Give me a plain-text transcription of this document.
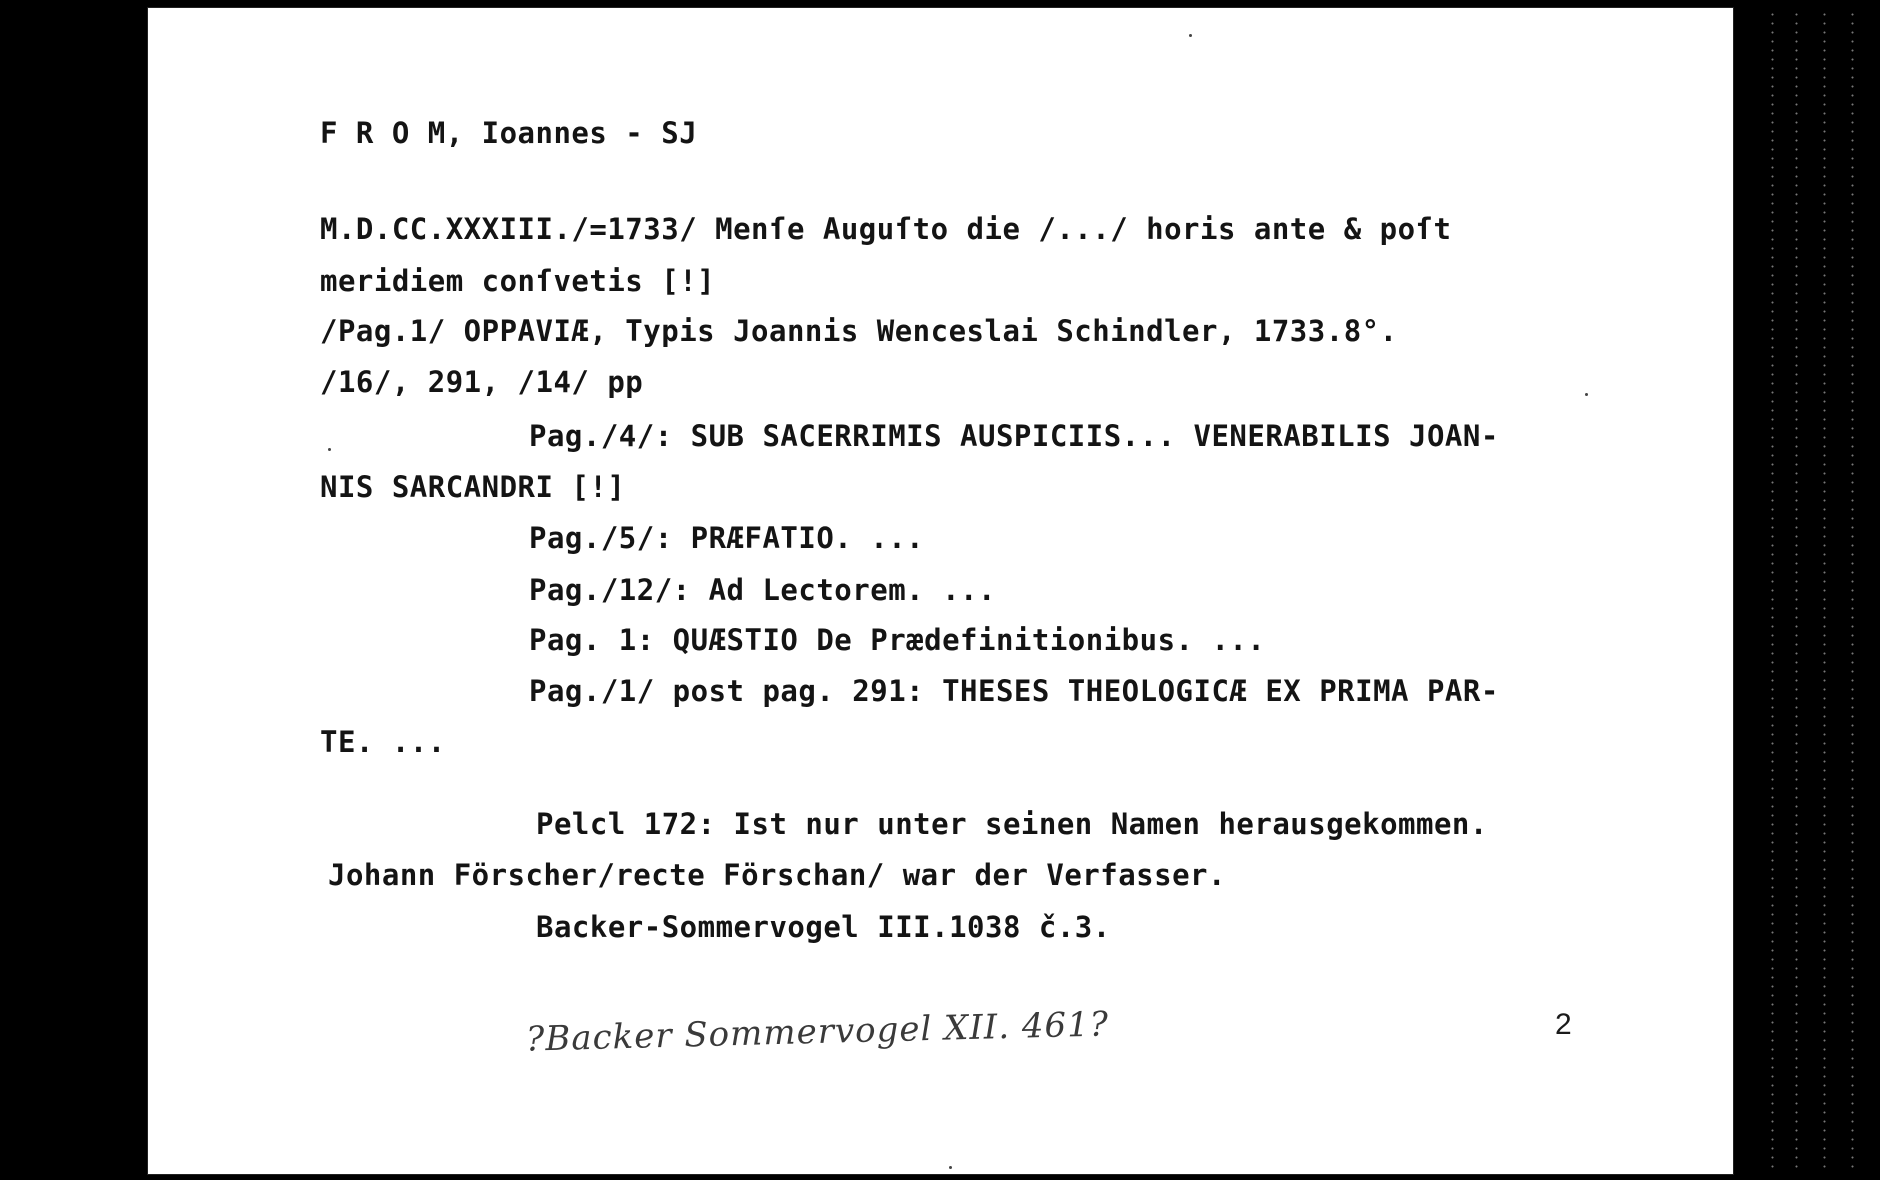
F R O M, Ioannes - SJ
M.D.CC.XXXIII./=1733/ Menſe Auguſto die /.../ horis ante & poſt
meridiem conſvetis [!]
/Pag.1/ OPPAVIÆ, Typis Joannis Wenceslai Schindler, 1733.8°.
/16/, 291, /14/ pp
Pag./4/: SUB SACERRIMIS AUSPICIIS... VENERABILIS JOAN-
NIS SARCANDRI [!]
Pag./5/: PRÆFATIO. ...
Pag./12/: Ad Lectorem. ...
Pag. 1: QUÆSTIO De Prædefinitionibus. ...
Pag./1/ post pag. 291: THESES THEOLOGICÆ EX PRIMA PAR-
TE. ...
Pelcl 172: Ist nur unter seinen Namen herausgekommen.
Johann Förscher/recte Förschan/ war der Verfasser.
Backer-Sommervogel III.1038 č.3.
?Backer Sommervogel XII. 461?	2
